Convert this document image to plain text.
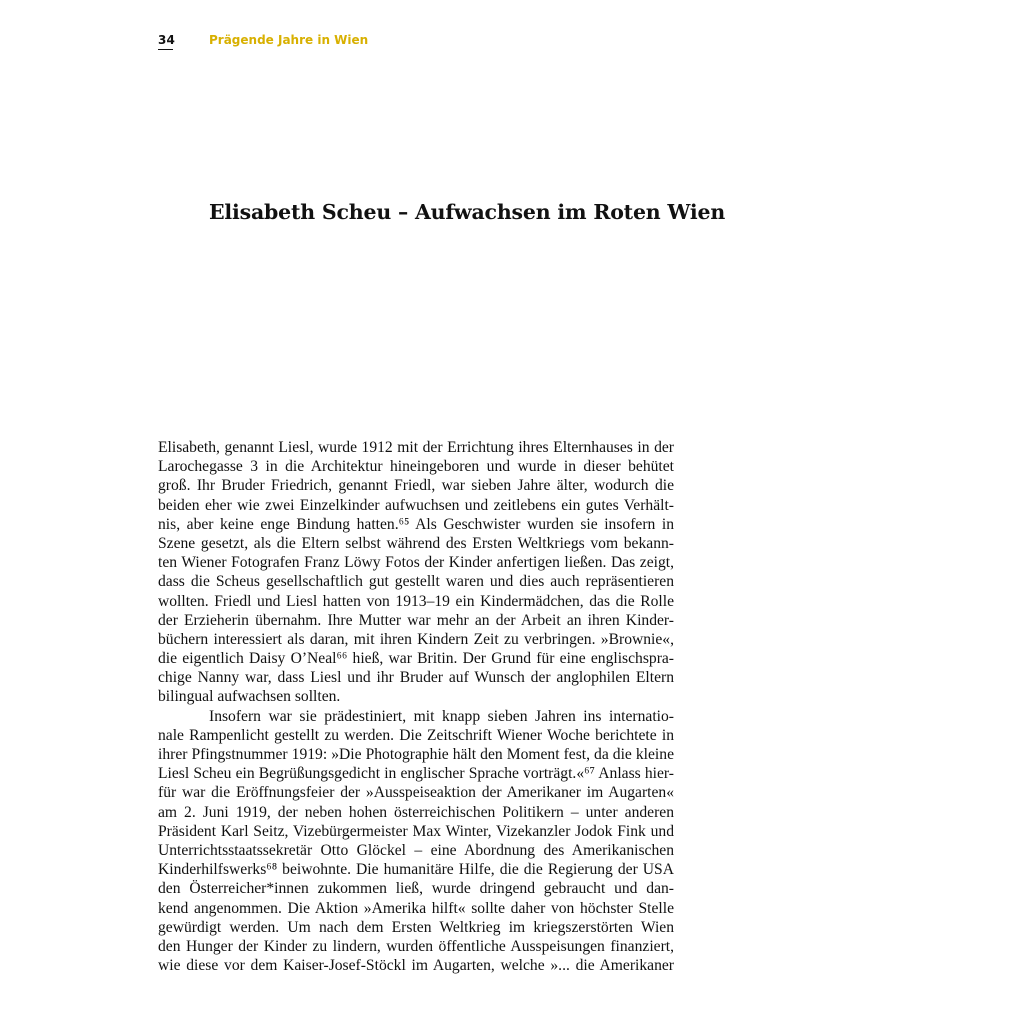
34	Prägende Jahre in Wien
Elisabeth Scheu – Aufwachsen im Roten Wien
Elisabeth, genannt Liesl, wurde 1912 mit der Errichtung ihres Elternhauses in der
Larochegasse 3 in die Architektur hineingeboren und wurde in dieser behütet
groß. Ihr Bruder Friedrich, genannt Friedl, war sieben Jahre älter, wodurch die
beiden eher wie zwei Einzelkinder aufwuchsen und zeitlebens ein gutes Verhält-
nis, aber keine enge Bindung hatten.⁶⁵ Als Geschwister wurden sie insofern in
Szene gesetzt, als die Eltern selbst während des Ersten Weltkriegs vom bekann-
ten Wiener Fotografen Franz Löwy Fotos der Kinder anfertigen ließen. Das zeigt,
dass die Scheus gesellschaftlich gut gestellt waren und dies auch repräsentieren
wollten. Friedl und Liesl hatten von 1913–19 ein Kindermädchen, das die Rolle
der Erzieherin übernahm. Ihre Mutter war mehr an der Arbeit an ihren Kinder-
büchern interessiert als daran, mit ihren Kindern Zeit zu verbringen. »Brownie«,
die eigentlich Daisy O’Neal⁶⁶ hieß, war Britin. Der Grund für eine englischspra-
chige Nanny war, dass Liesl und ihr Bruder auf Wunsch der anglophilen Eltern
bilingual aufwachsen sollten.
Insofern war sie prädestiniert, mit knapp sieben Jahren ins internatio-
nale Rampenlicht gestellt zu werden. Die Zeitschrift Wiener Woche berichtete in
ihrer Pfingstnummer 1919: »Die Photographie hält den Moment fest, da die kleine
Liesl Scheu ein Begrüßungsgedicht in englischer Sprache vorträgt.«⁶⁷ Anlass hier-
für war die Eröffnungsfeier der »Ausspeiseaktion der Amerikaner im Augarten«
am 2. Juni 1919, der neben hohen österreichischen Politikern – unter anderen
Präsident Karl Seitz, Vizebürgermeister Max Winter, Vizekanzler Jodok Fink und
Unterrichtsstaatssekretär Otto Glöckel – eine Abordnung des Amerikanischen
Kinderhilfswerks⁶⁸ beiwohnte. Die humanitäre Hilfe, die die Regierung der USA
den Österreicher*innen zukommen ließ, wurde dringend gebraucht und dan-
kend angenommen. Die Aktion »Amerika hilft« sollte daher von höchster Stelle
gewürdigt werden. Um nach dem Ersten Weltkrieg im kriegszerstörten Wien
den Hunger der Kinder zu lindern, wurden öffentliche Ausspeisungen finanziert,
wie diese vor dem Kaiser-Josef-Stöckl im Augarten, welche »... die Amerikaner
